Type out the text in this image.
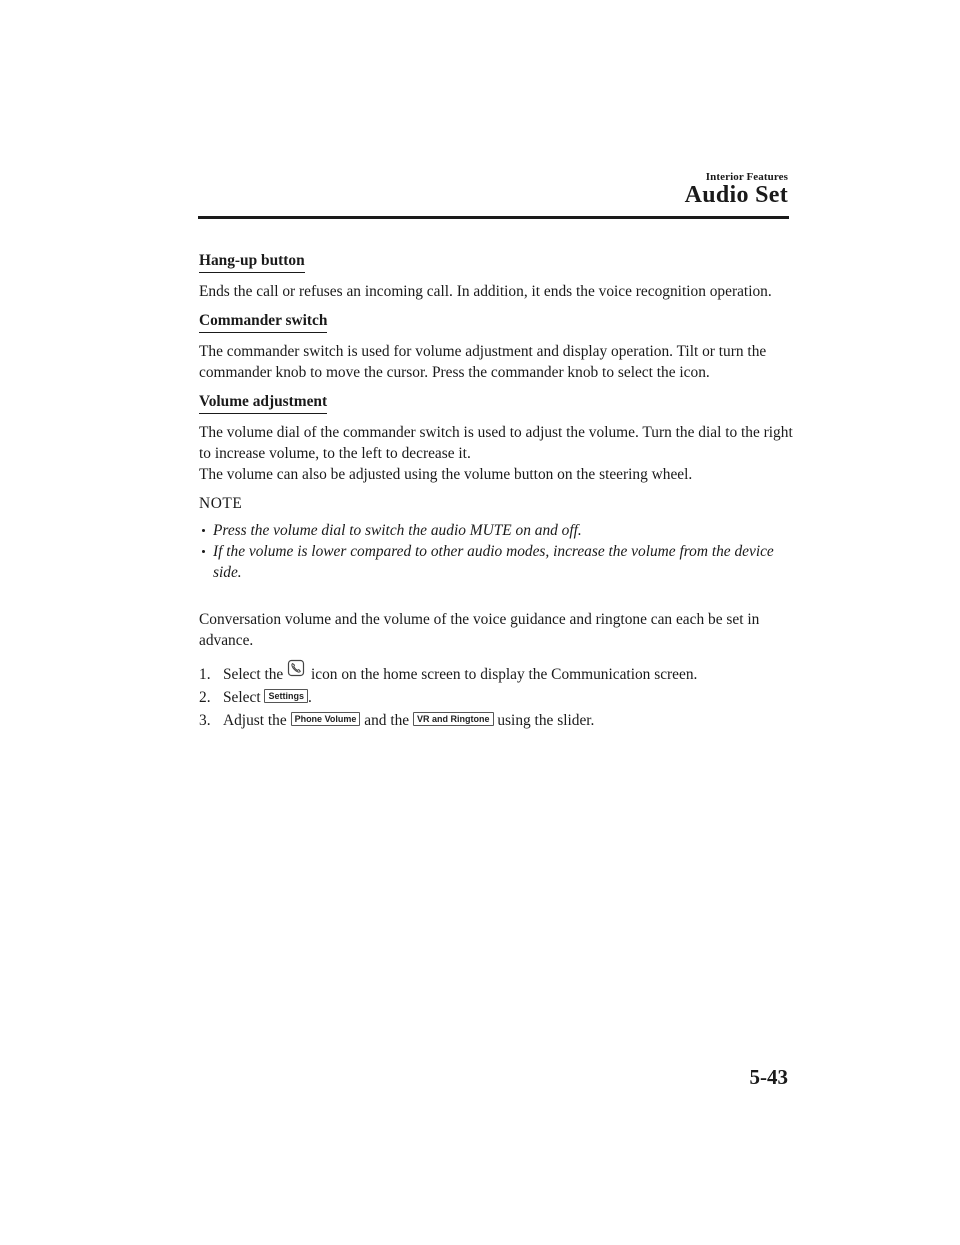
Interior Features
Audio Set
Hang-up button

Ends the call or refuses an incoming call. In addition, it ends the voice recognition operation.

Commander switch

The commander switch is used for volume adjustment and display operation. Tilt or turn the commander knob to move the cursor. Press the commander knob to select the icon.

Volume adjustment

The volume dial of the commander switch is used to adjust the volume. Turn the dial to the right to increase volume, to the left to decrease it.
The volume can also be adjusted using the volume button on the steering wheel.

NOTE

Press the volume dial to switch the audio MUTE on and off.
If the volume is lower compared to other audio modes, increase the volume from the device side.

Conversation volume and the volume of the voice guidance and ringtone can each be set in advance.

1. Select the icon on the home screen to display the Communication screen.
2. Select Settings .
3. Adjust the Phone Volume and the VR and Ringtone using the slider.
5-43
